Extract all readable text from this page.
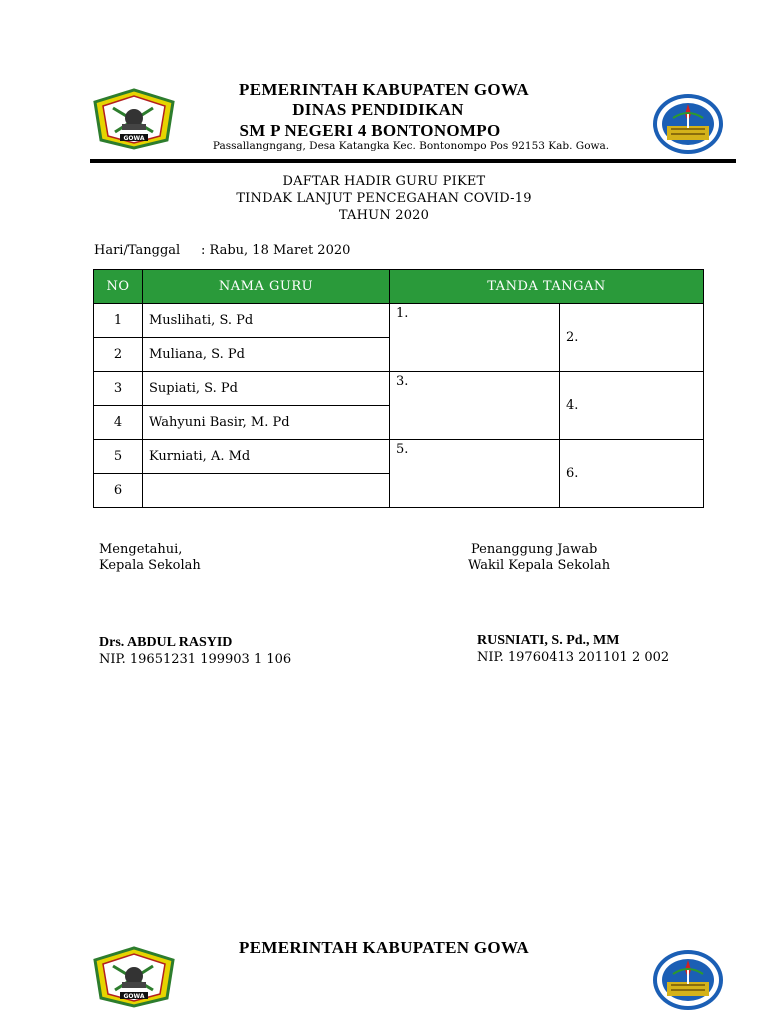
GOWA
PEMERINTAH KABUPATEN GOWA
DINAS PENDIDIKAN
SM P NEGERI 4 BONTONOMPO
Passallangngang, Desa Katangka Kec. Bontonompo Pos 92153 Kab. Gowa.
DAFTAR HADIR GURU PIKET
TINDAK LANJUT PENCEGAHAN COVID-19
TAHUN 2020
Hari/Tanggal : Rabu, 18 Maret 2020
NO	NAMA GURU	TANDA TANGAN	
1	Muslihati, S. Pd	1.	2.
2	Muliana, S. Pd		
3	Supiati, S. Pd	3.	4.
4	Wahyuni Basir, M. Pd		
5	Kurniati, A. Md	5.	6.
6			
Mengetahui,
Kepala Sekolah
Drs. ABDUL RASYID
NIP. 19651231 199903 1 106
Penanggung Jawab
Wakil Kepala Sekolah
RUSNIATI, S. Pd., MM
NIP. 19760413 201101 2 002
GOWA
PEMERINTAH KABUPATEN GOWA
